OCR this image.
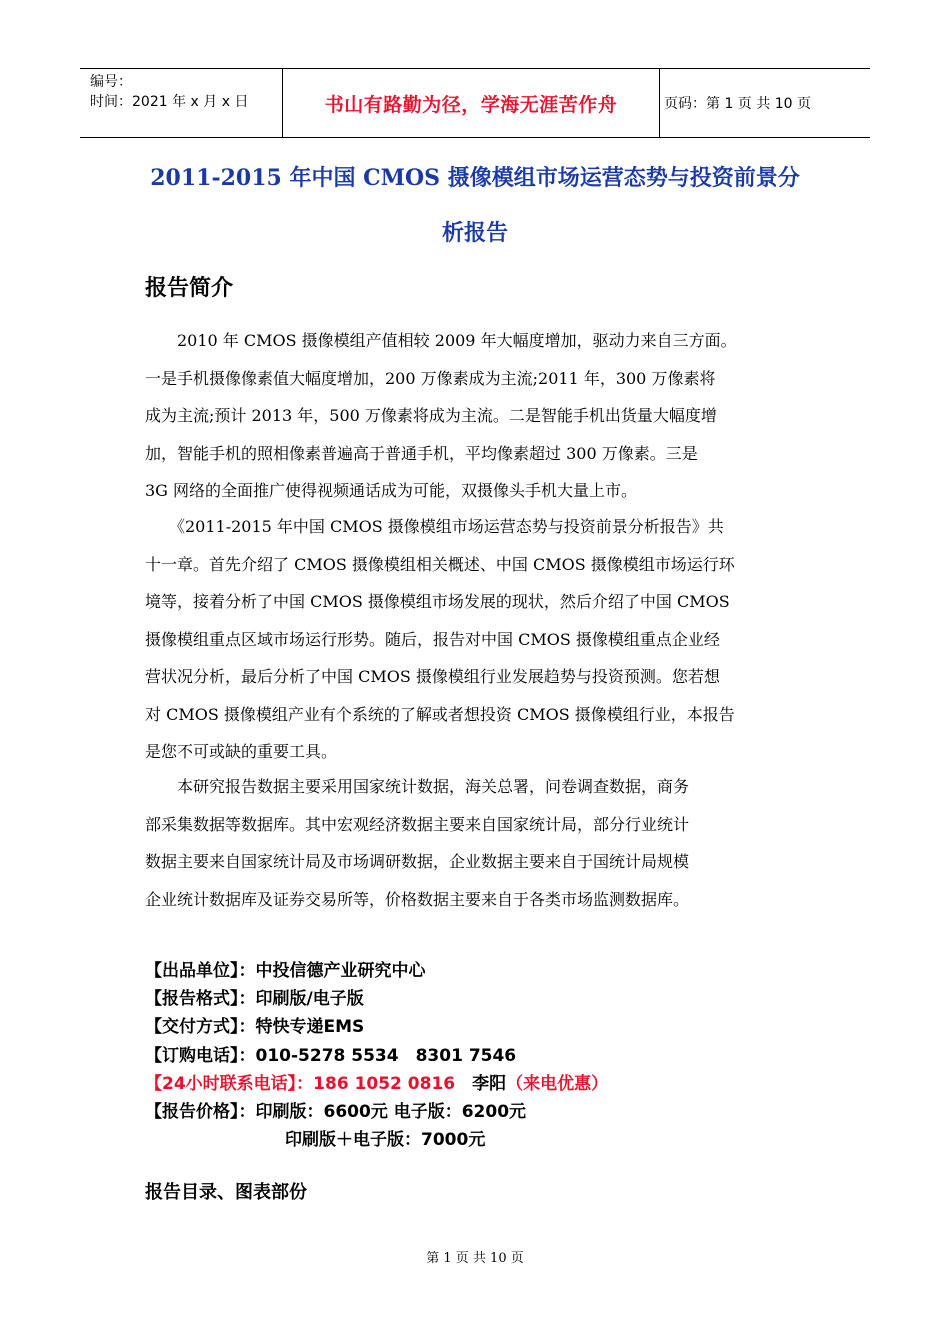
编号：
时间：2021 年 x 月 x 日	书山有路勤为径，学海无涯苦作舟	页码：第 1 页 共 10 页
2011-2015 年中国 CMOS 摄像模组市场运营态势与投资前景分
析报告
报告简介
　　2010 年 CMOS 摄像模组产值相较 2009 年大幅度增加，驱动力来自三方面。
一是手机摄像像素值大幅度增加，200 万像素成为主流;2011 年，300 万像素将
成为主流;预计 2013 年，500 万像素将成为主流。二是智能手机出货量大幅度增
加，智能手机的照相像素普遍高于普通手机，平均像素超过 300 万像素。三是
3G 网络的全面推广使得视频通话成为可能，双摄像头手机大量上市。
　　《2011-2015 年中国 CMOS 摄像模组市场运营态势与投资前景分析报告》共
十一章。首先介绍了 CMOS 摄像模组相关概述、中国 CMOS 摄像模组市场运行环
境等，接着分析了中国 CMOS 摄像模组市场发展的现状，然后介绍了中国 CMOS
摄像模组重点区域市场运行形势。随后，报告对中国 CMOS 摄像模组重点企业经
营状况分析，最后分析了中国 CMOS 摄像模组行业发展趋势与投资预测。您若想
对 CMOS 摄像模组产业有个系统的了解或者想投资 CMOS 摄像模组行业，本报告
是您不可或缺的重要工具。
　　本研究报告数据主要采用国家统计数据，海关总署，问卷调查数据，商务
部采集数据等数据库。其中宏观经济数据主要来自国家统计局，部分行业统计
数据主要来自国家统计局及市场调研数据，企业数据主要来自于国统计局规模
企业统计数据库及证券交易所等，价格数据主要来自于各类市场监测数据库。
【出品单位】：中投信德产业研究中心
【报告格式】：印刷版/电子版
【交付方式】：特快专递EMS
【订购电话】：010-5278 5534　8301 7546
【24小时联系电话】：186 1052 0816　李阳（来电优惠）
【报告价格】：印刷版：6600元 电子版：6200元
印刷版＋电子版：7000元
报告目录、图表部份
第 1 页 共 10 页
